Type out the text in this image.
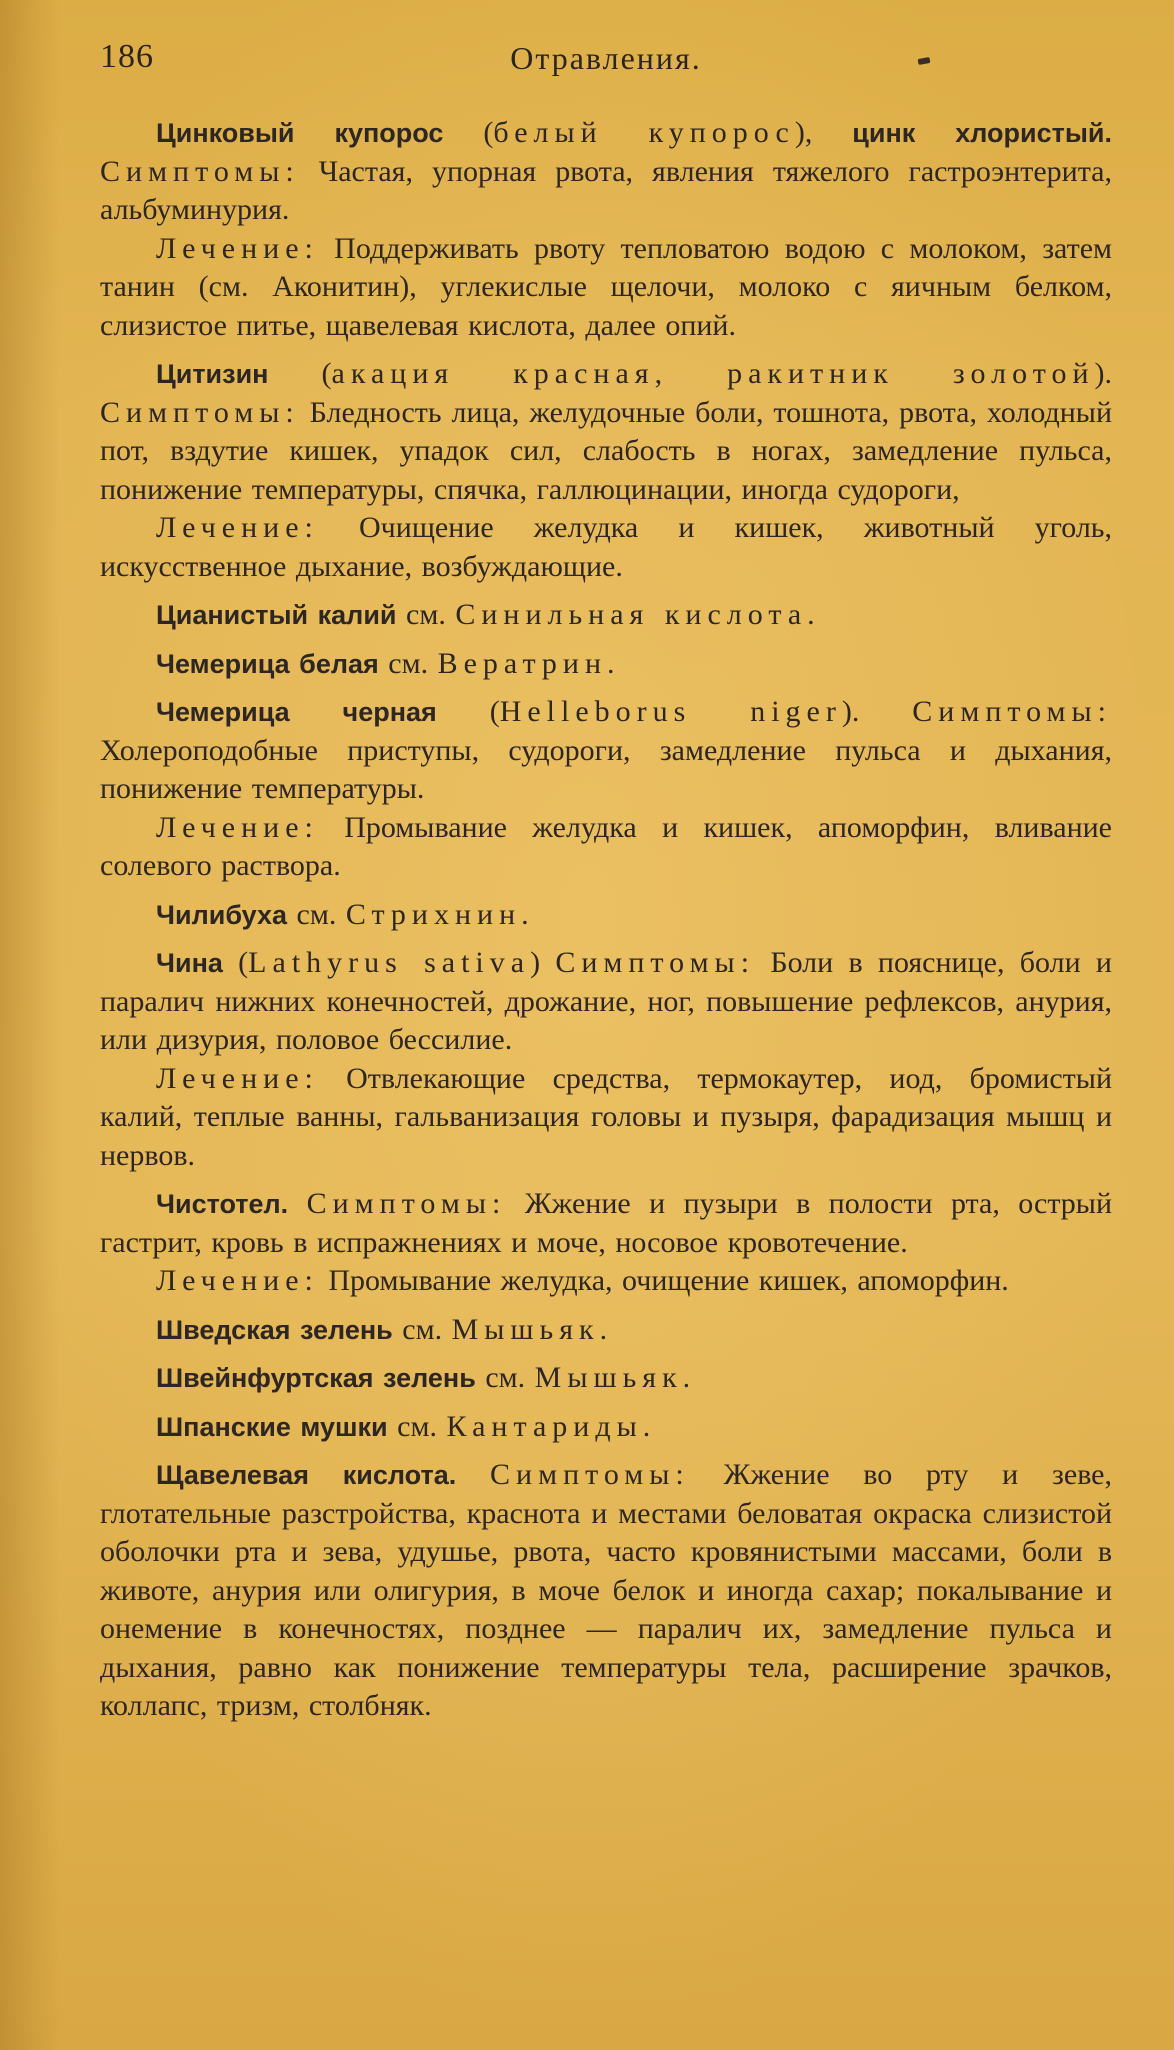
186	Отравления.

Цинковый купорос (белый купорос), цинк хлористый. Симптомы: Частая, упорная рвота, явления тяжелого гастроэнтерита, альбуминурия.

Лечение: Поддерживать рвоту тепловатою водою с молоком, затем танин (см. Аконитин), углекислые щелочи, молоко с яичным белком, слизистое питье, щавелевая кислота, далее опий.

Цитизин (акация красная, ракитник золотой). Симптомы: Бледность лица, желудочные боли, тошнота, рвота, холодный пот, вздутие кишек, упадок сил, слабость в ногах, замедление пульса, понижение температуры, спячка, галлюцинации, иногда судороги,

Лечение: Очищение желудка и кишек, животный уголь, искусственное дыхание, возбуждающие.

Цианистый калий см. Синильная кислота.

Чемерица белая см. Вератрин.

Чемерица черная (Helleborus niger). Симптомы: Холероподобные приступы, судороги, замедление пульса и дыхания, понижение температуры.

Лечение: Промывание желудка и кишек, апоморфин, вливание солевого раствора.

Чилибуха см. Стрихнин.

Чина (Lathyrus sativa) Симптомы: Боли в пояснице, боли и паралич нижних конечностей, дрожание, ног, повышение рефлексов, анурия, или дизурия, половое бессилие.

Лечение: Отвлекающие средства, термокаутер, иод, бромистый калий, теплые ванны, гальванизация головы и пузыря, фарадизация мышц и нервов.

Чистотел. Симптомы: Жжение и пузыри в полости рта, острый гастрит, кровь в испражнениях и моче, носовое кровотечение.

Лечение: Промывание желудка, очищение кишек, апоморфин.

Шведская зелень см. Мышьяк.

Швейнфуртская зелень см. Мышьяк.

Шпанские мушки см. Кантариды.

Щавелевая кислота. Симптомы: Жжение во рту и зеве, глотательные разстройства, краснота и местами беловатая окраска слизистой оболочки рта и зева, удушье, рвота, часто кровянистыми массами, боли в животе, анурия или олигурия, в моче белок и иногда сахар; покалывание и онемение в конечностях, позднее — паралич их, замедление пульса и дыхания, равно как понижение температуры тела, расширение зрачков, коллапс, тризм, столбняк.
